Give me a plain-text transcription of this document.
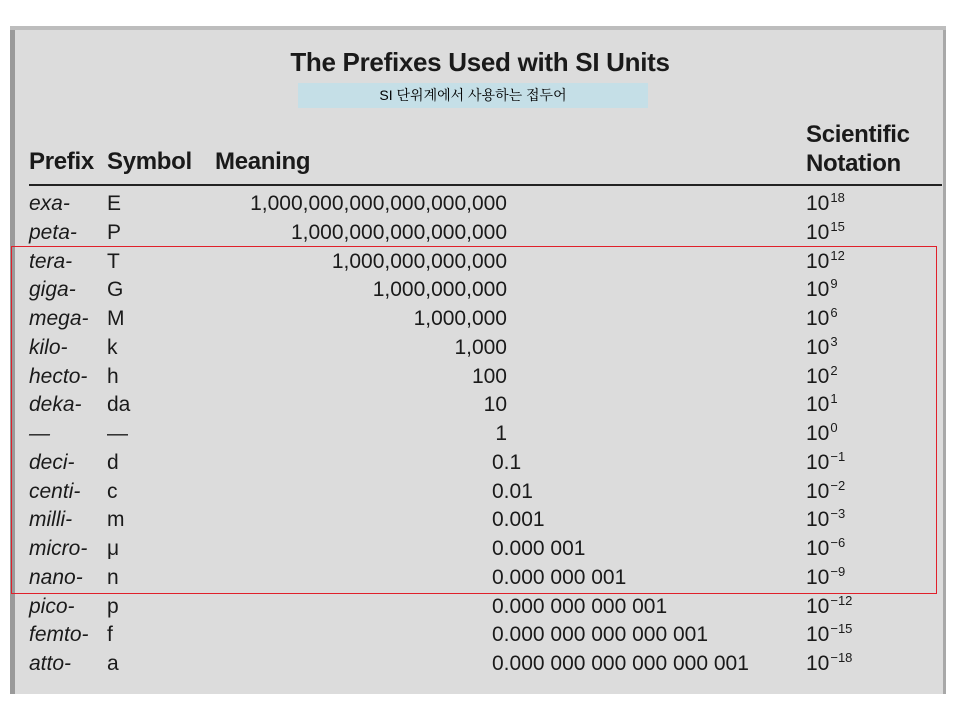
The Prefixes Used with SI Units
SI 단위계에서 사용하는 접두어
Prefix Symbol Meaning
Scientific
Notation
exa- E	1,000,000,000,000,000,000	$10^{18}$
peta- P	1,000,000,000,000,000	$10^{15}$
tera- T	1,000,000,000,000	$10^{12}$
giga- G	1,000,000,000	$10^9$
mega- M	1,000,000	$10^6$
kilo- k	1,000	$10^3$
hecto- h	100	$10^2$
deka- da	10	$10^1$
—	—	1	$10^0$
deci- d	0.1	$10^{-1}$
centi- c	0.01	$10^{-2}$
milli- m	0.001	$10^{-3}$
micro- μ	0.000 001	$10^{-6}$
nano- n	0.000 000 001	$10^{-9}$
pico- p	0.000 000 000 001	$10^{-12}$
femto- f	0.000 000 000 000 001	$10^{-15}$
atto- a	0.000 000 000 000 000 001	$10^{-18}$
